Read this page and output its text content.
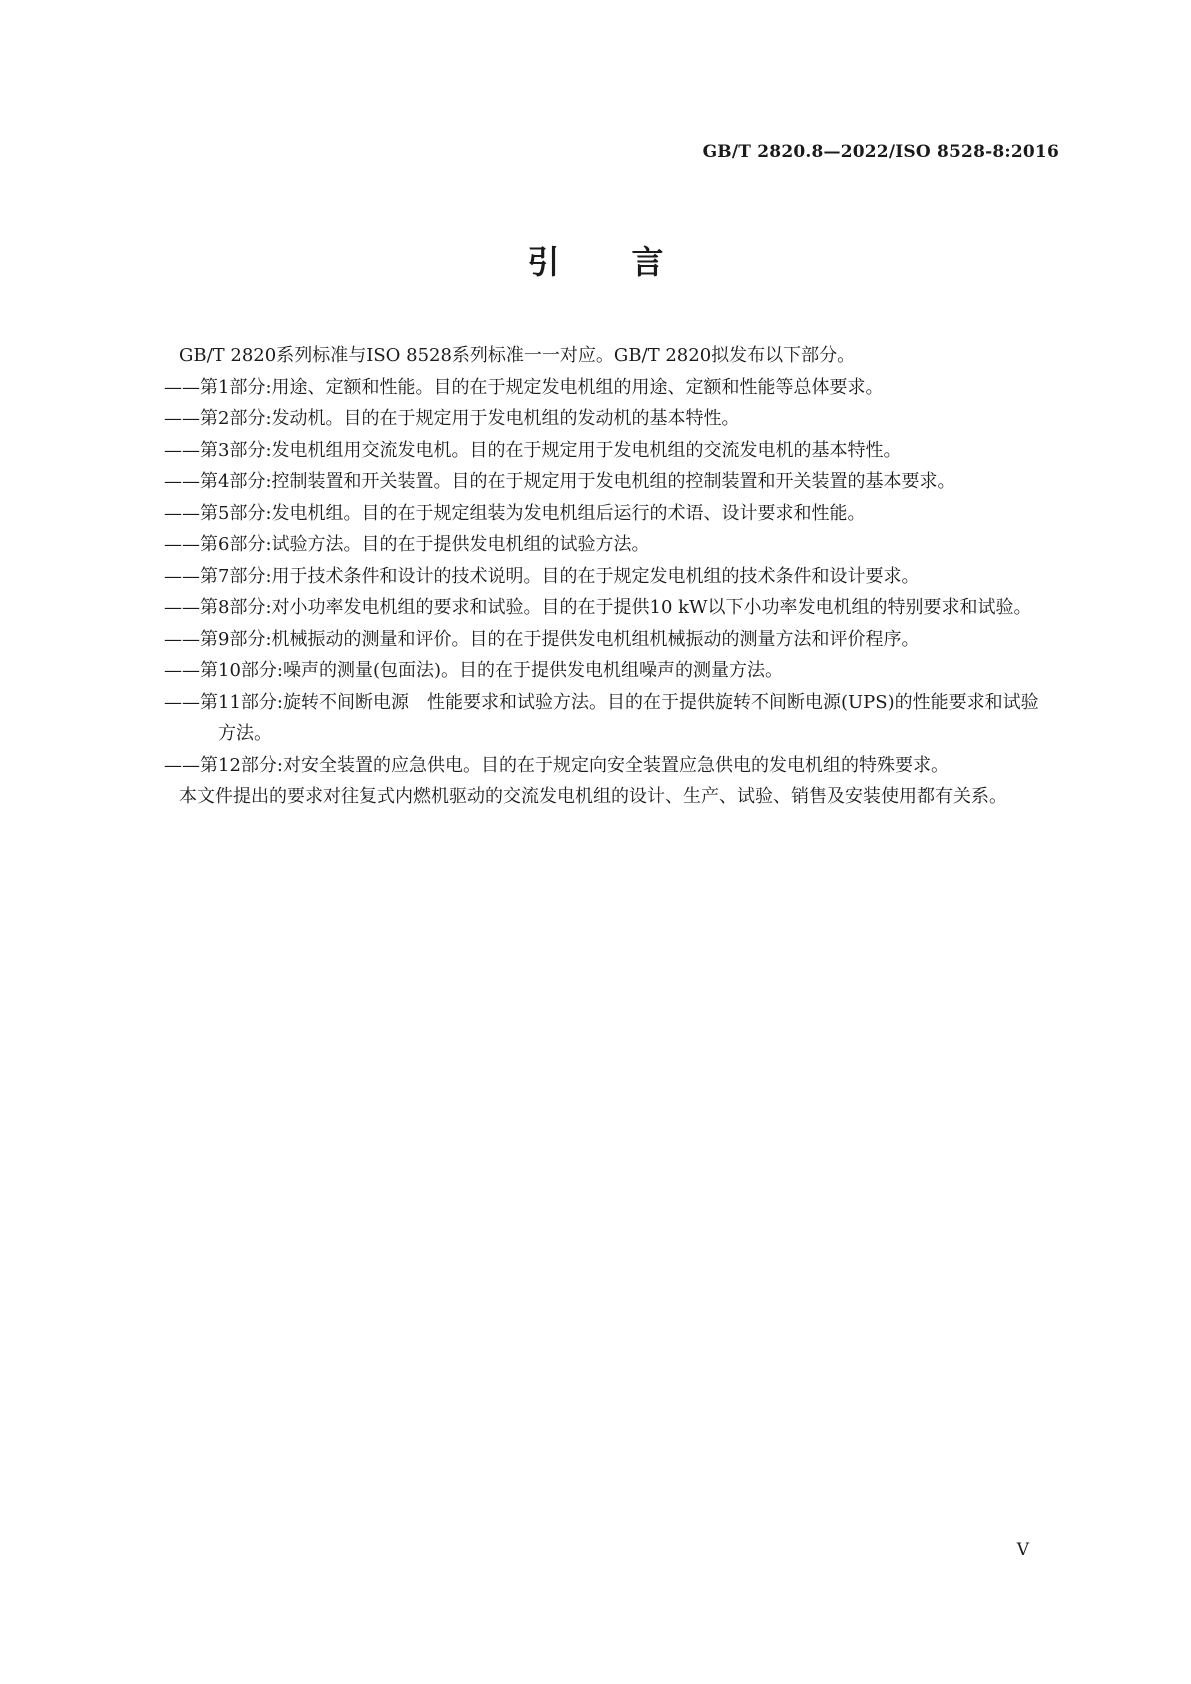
GB/T 2820.8—2022/ISO 8528-8:2016
引言

GB/T 2820系列标准与ISO 8528系列标准一一对应。GB/T 2820拟发布以下部分。

——第1部分:用途、定额和性能。目的在于规定发电机组的用途、定额和性能等总体要求。

——第2部分:发动机。目的在于规定用于发电机组的发动机的基本特性。

——第3部分:发电机组用交流发电机。目的在于规定用于发电机组的交流发电机的基本特性。

——第4部分:控制装置和开关装置。目的在于规定用于发电机组的控制装置和开关装置的基本要求。

——第5部分:发电机组。目的在于规定组装为发电机组后运行的术语、设计要求和性能。

——第6部分:试验方法。目的在于提供发电机组的试验方法。

——第7部分:用于技术条件和设计的技术说明。目的在于规定发电机组的技术条件和设计要求。

——第8部分:对小功率发电机组的要求和试验。目的在于提供10 kW以下小功率发电机组的特别要求和试验。

——第9部分:机械振动的测量和评价。目的在于提供发电机组机械振动的测量方法和评价程序。

——第10部分:噪声的测量(包面法)。目的在于提供发电机组噪声的测量方法。

——第11部分:旋转不间断电源　性能要求和试验方法。目的在于提供旋转不间断电源(UPS)的性能要求和试验方法。

——第12部分:对安全装置的应急供电。目的在于规定向安全装置应急供电的发电机组的特殊要求。

本文件提出的要求对往复式内燃机驱动的交流发电机组的设计、生产、试验、销售及安装使用都有关系。

V
